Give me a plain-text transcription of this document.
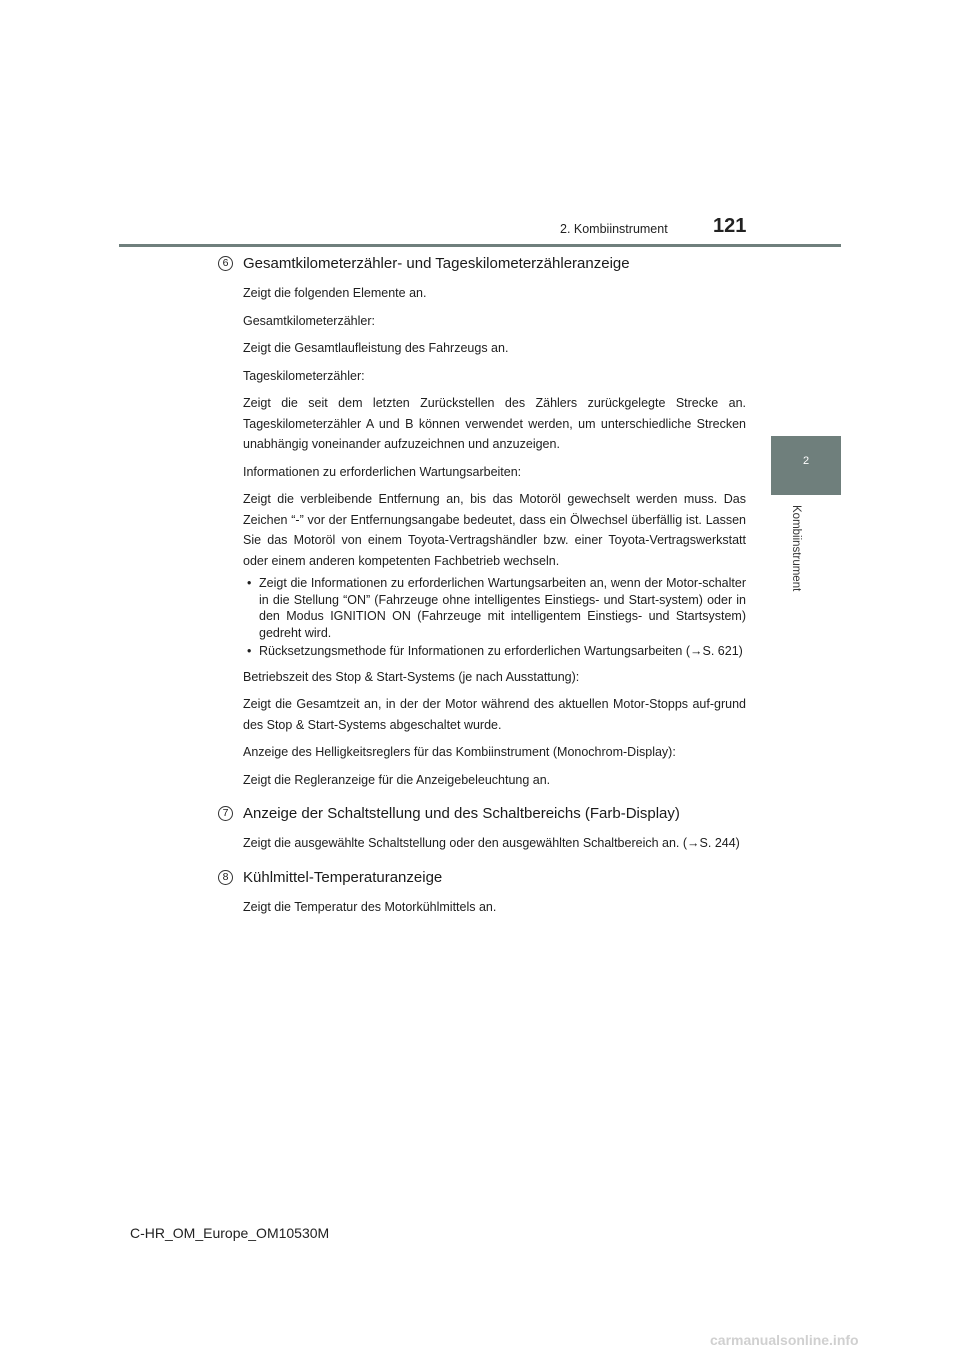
2. Kombiinstrument	121
2
Kombiinstrument
6 Gesamtkilometerzähler- und Tageskilometerzähleranzeige

Zeigt die folgenden Elemente an.

Gesamtkilometerzähler:

Zeigt die Gesamtlaufleistung des Fahrzeugs an.

Tageskilometerzähler:

Zeigt die seit dem letzten Zurückstellen des Zählers zurückgelegte Strecke an. Tageskilometerzähler A und B können verwendet werden, um unterschiedliche Strecken unabhängig voneinander aufzuzeichnen und anzuzeigen.

Informationen zu erforderlichen Wartungsarbeiten:

Zeigt die verbleibende Entfernung an, bis das Motoröl gewechselt werden muss. Das Zeichen “-” vor der Entfernungsangabe bedeutet, dass ein Ölwechsel überfällig ist. Lassen Sie das Motoröl von einem Toyota-Vertragshändler bzw. einer Toyota-Vertragswerkstatt oder einem anderen kompetenten Fachbetrieb wechseln.

• Zeigt die Informationen zu erforderlichen Wartungsarbeiten an, wenn der Motor-schalter in die Stellung “ON” (Fahrzeuge ohne intelligentes Einstiegs- und Start-system) oder in den Modus IGNITION ON (Fahrzeuge mit intelligentem Einstiegs- und Startsystem) gedreht wird.
• Rücksetzungsmethode für Informationen zu erforderlichen Wartungsarbeiten (→S. 621)

Betriebszeit des Stop & Start-Systems (je nach Ausstattung):

Zeigt die Gesamtzeit an, in der der Motor während des aktuellen Motor-Stopps auf-grund des Stop & Start-Systems abgeschaltet wurde.

Anzeige des Helligkeitsreglers für das Kombiinstrument (Monochrom-Display):

Zeigt die Regleranzeige für die Anzeigebeleuchtung an.

7 Anzeige der Schaltstellung und des Schaltbereichs (Farb-Display)

Zeigt die ausgewählte Schaltstellung oder den ausgewählten Schaltbereich an. (→S. 244)

8 Kühlmittel-Temperaturanzeige

Zeigt die Temperatur des Motorkühlmittels an.

C-HR_OM_Europe_OM10530M
carmanualsonline.info
